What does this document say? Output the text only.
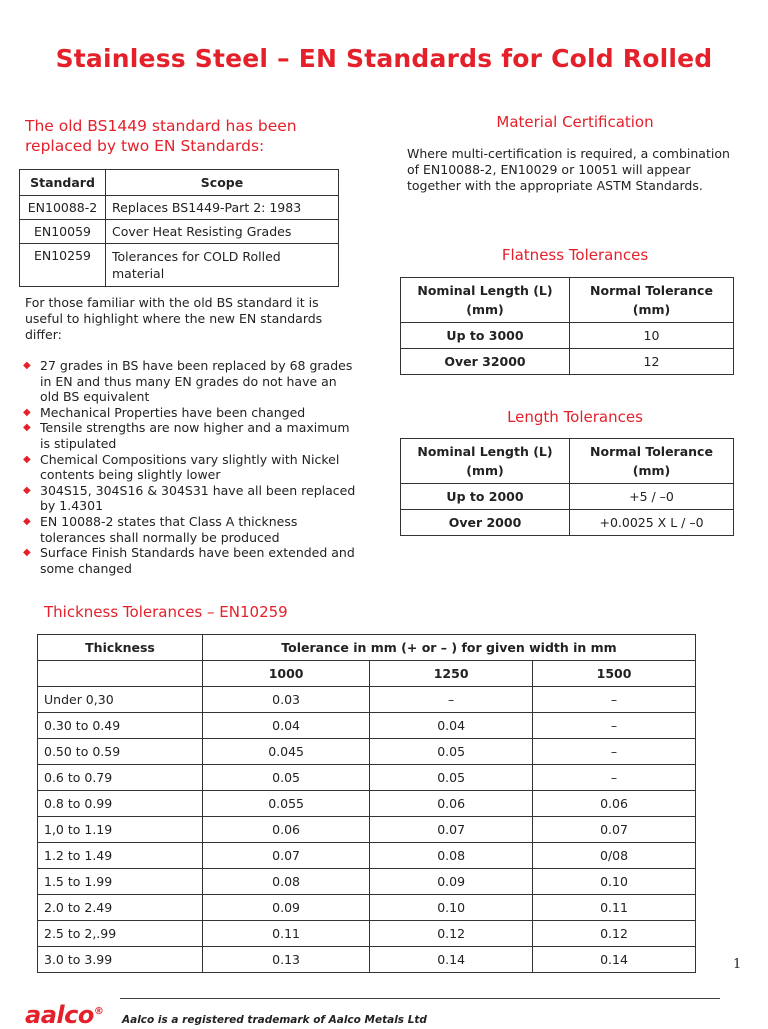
Stainless Steel – EN Standards for Cold Rolled
The old BS1449 standard has been replaced by two EN Standards:
Standard	Scope
EN10088-2	Replaces BS1449-Part 2: 1983
EN10059	Cover Heat Resisting Grades
EN10259	Tolerances for COLD Rolled material
For those familiar with the old BS standard it is useful to highlight where the new EN standards differ:
◆ 27 grades in BS have been replaced by 68 grades in EN and thus many EN grades do not have an old BS equivalent
◆ Mechanical Properties have been changed
◆ Tensile strengths are now higher and a maximum is stipulated
◆ Chemical Compositions vary slightly with Nickel contents being slightly lower
◆ 304S15, 304S16 & 304S31 have all been replaced by 1.4301
◆ EN 10088-2 states that Class A thickness tolerances shall normally be produced
◆ Surface Finish Standards have been extended and some changed
Material Certification
Where multi-certification is required, a combination of EN10088-2, EN10029 or 10051 will appear together with the appropriate ASTM Standards.
Flatness Tolerances
Nominal Length (L) (mm)	Normal Tolerance (mm)
Up to 3000	10
Over 32000	12
Length Tolerances
Nominal Length (L) (mm)	Normal Tolerance (mm)
Up to 2000	+5 / –0
Over 2000	+0.0025 X L / –0
Thickness Tolerances – EN10259
Thickness	Tolerance in mm (+ or – ) for given width in mm		
	1000	1250	1500
Under 0,30	0.03	–	–
0.30 to 0.49	0.04	0.04	–
0.50 to 0.59	0.045	0.05	–
0.6 to 0.79	0.05	0.05	–
0.8 to 0.99	0.055	0.06	0.06
1,0 to 1.19	0.06	0.07	0.07
1.2 to 1.49	0.07	0.08	0/08
1.5 to 1.99	0.08	0.09	0.10
2.0 to 2.49	0.09	0.10	0.11
2.5 to 2,.99	0.11	0.12	0.12
3.0 to 3.99	0.13	0.14	0.14	1
aalco®
Aalco is a registered trademark of Aalco Metals Ltd
